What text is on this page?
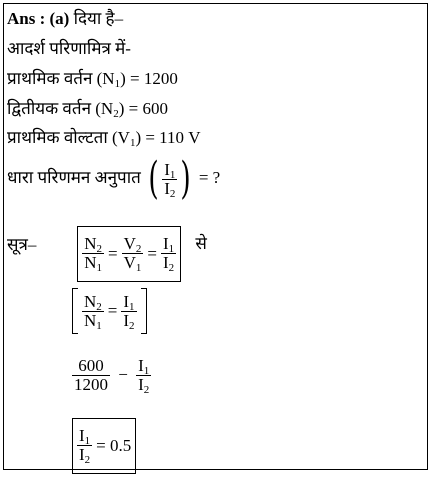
Ans : (a) दिया है–
आदर्श परिणामित्र में-
प्राथमिक वर्तन $(N_1) = 1200$
द्वितीयक वर्तन $(N_2) = 600$
प्राथमिक वोल्टता $(V_1) = 110$ V
धारा परिणमन अनुपात ( $\frac{I_1}{I_2}$ ) = ?
सूत्र–	$\frac{N_2}{N_1} = \frac{V_2}{V_1} = \frac{I_1}{I_2}$ से
$\frac{N_2}{N_1} = \frac{I_1}{I_2}$
$\frac{600}{1200} - \frac{I_1}{I_2}$
$\frac{I_1}{I_2} = 0.5$
